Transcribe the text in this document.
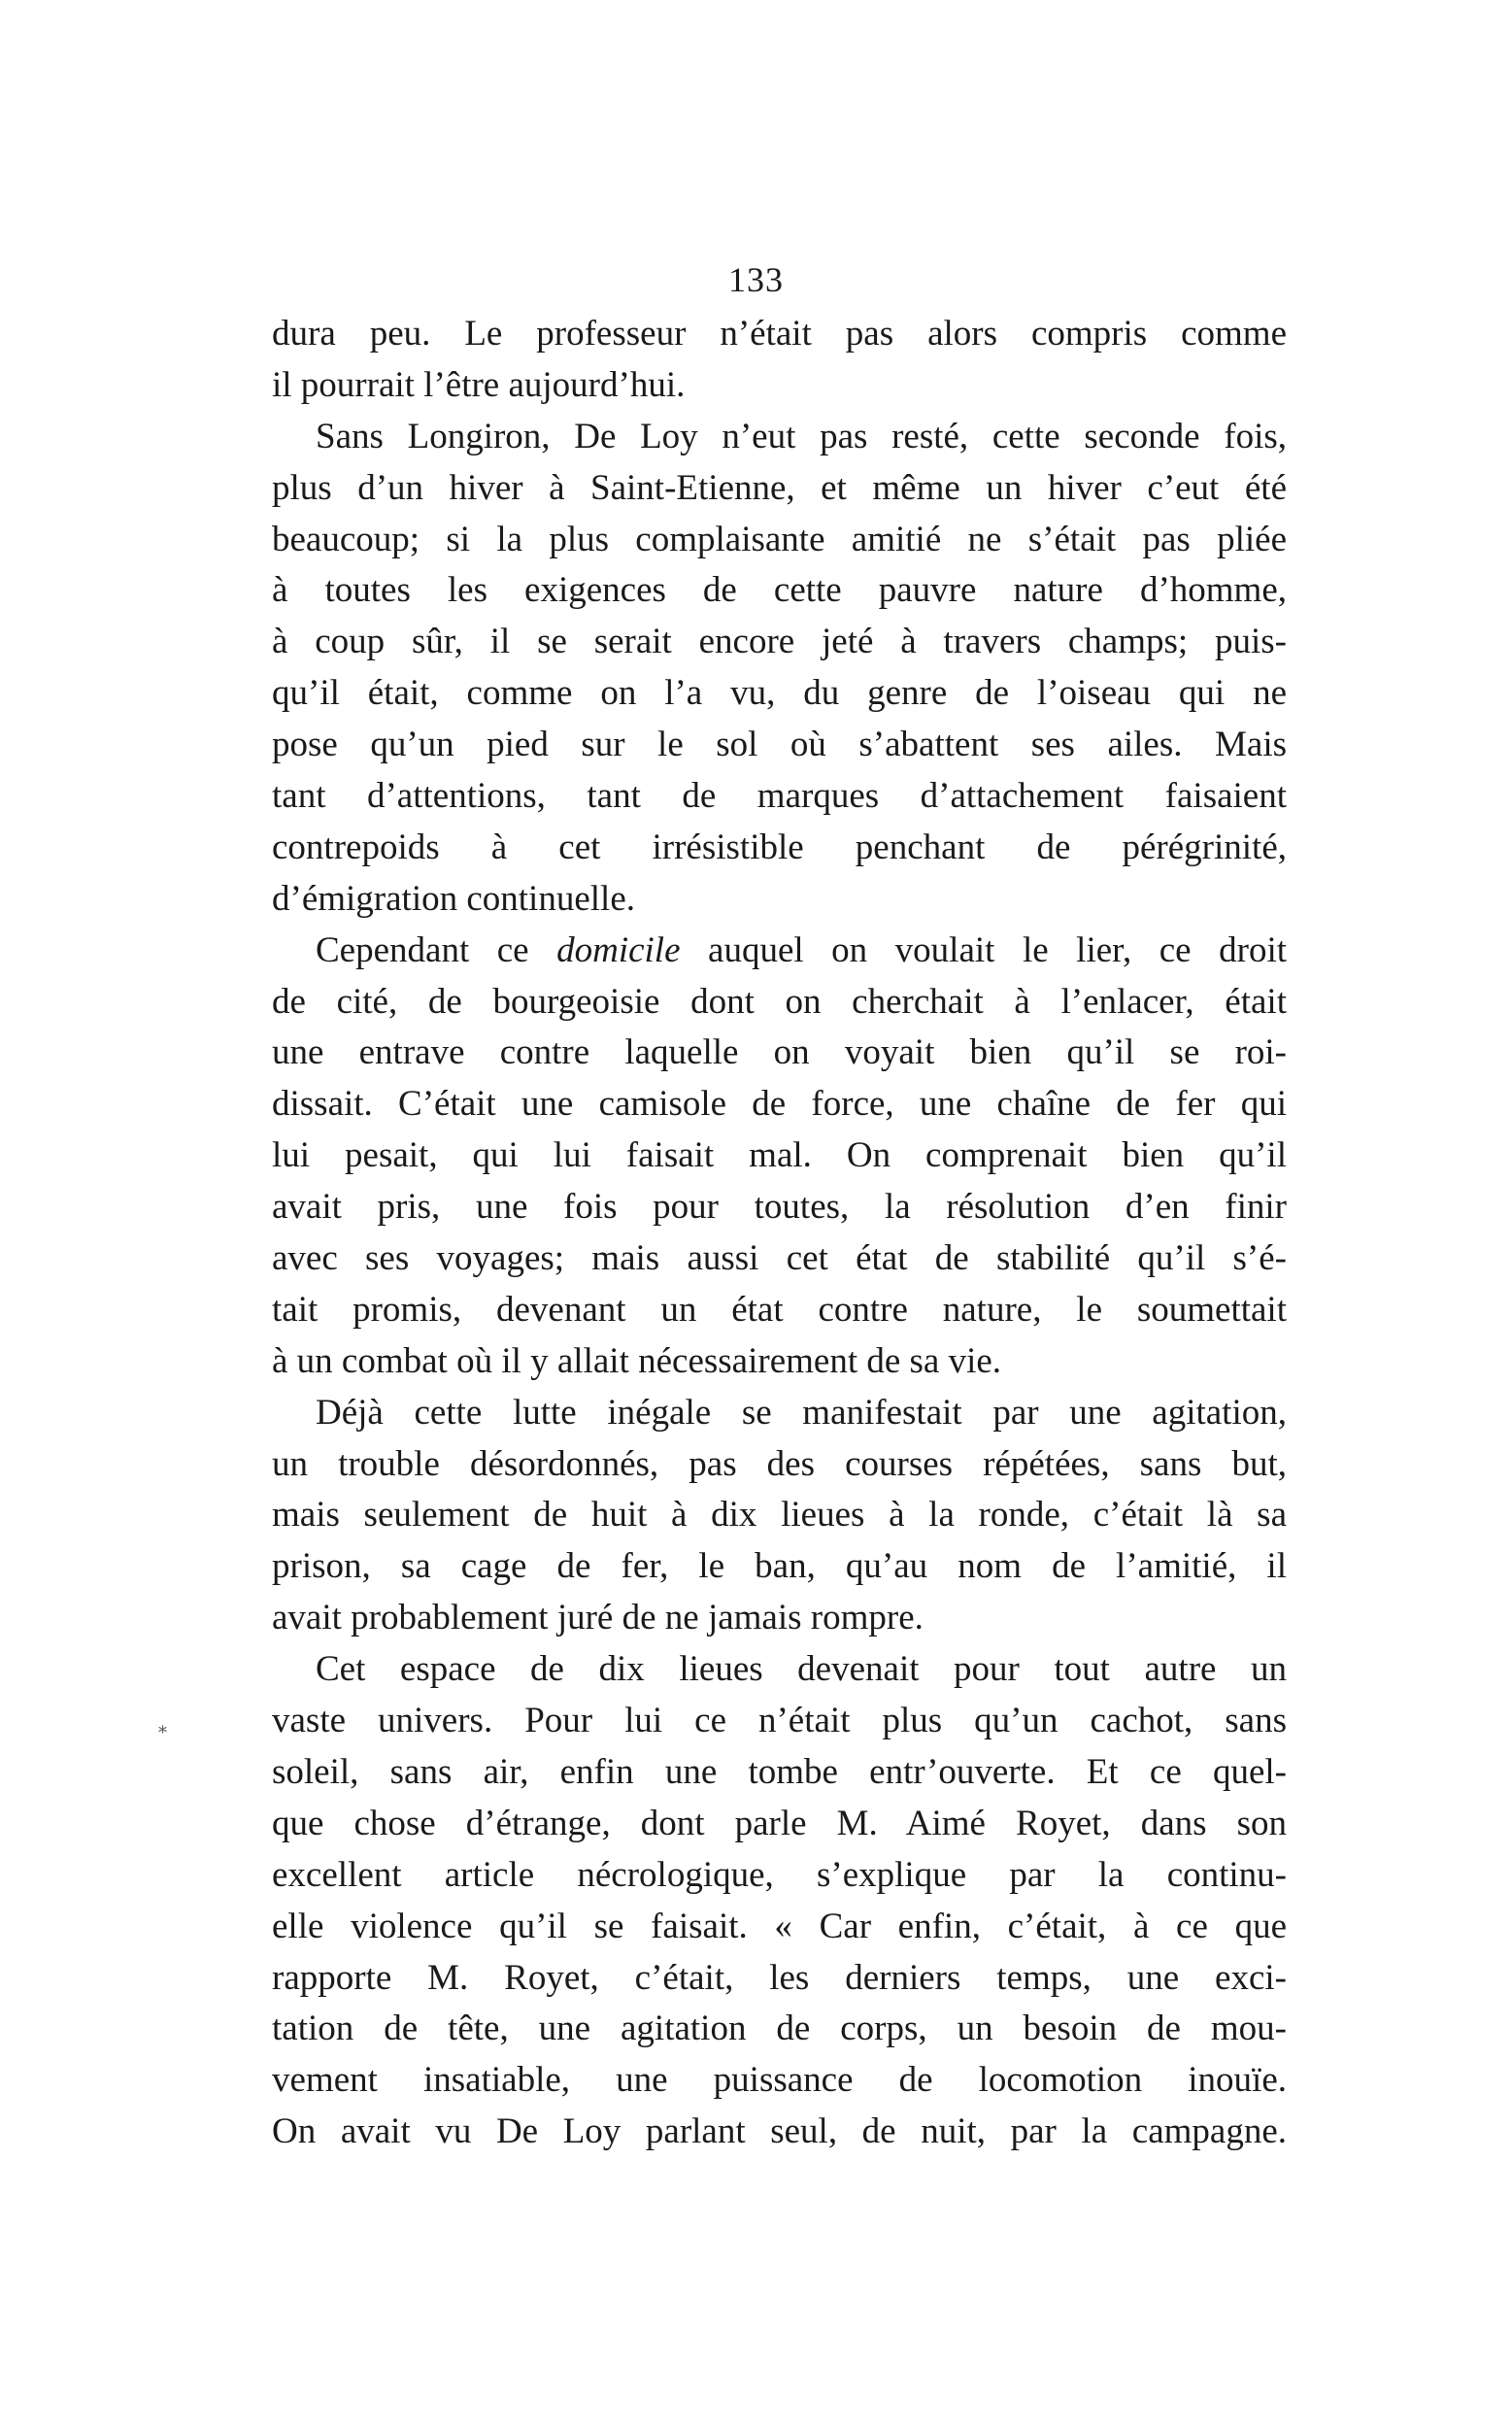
133
⁎
dura peu. Le professeur n’était pas alors compris comme
il pourrait l’être aujourd’hui.
Sans Longiron, De Loy n’eut pas resté, cette seconde fois,
plus d’un hiver à Saint-Etienne, et même un hiver c’eut été
beaucoup; si la plus complaisante amitié ne s’était pas pliée
à toutes les exigences de cette pauvre nature d’homme,
à coup sûr, il se serait encore jeté à travers champs; puis-
qu’il était, comme on l’a vu, du genre de l’oiseau qui ne
pose qu’un pied sur le sol où s’abattent ses ailes. Mais
tant d’attentions, tant de marques d’attachement faisaient
contrepoids à cet irrésistible penchant de pérégrinité,
d’émigration continuelle.
Cependant ce domicile auquel on voulait le lier, ce droit
de cité, de bourgeoisie dont on cherchait à l’enlacer, était
une entrave contre laquelle on voyait bien qu’il se roi-
dissait. C’était une camisole de force, une chaîne de fer qui
lui pesait, qui lui faisait mal. On comprenait bien qu’il
avait pris, une fois pour toutes, la résolution d’en finir
avec ses voyages; mais aussi cet état de stabilité qu’il s’é-
tait promis, devenant un état contre nature, le soumettait
à un combat où il y allait nécessairement de sa vie.
Déjà cette lutte inégale se manifestait par une agitation,
un trouble désordonnés, pas des courses répétées, sans but,
mais seulement de huit à dix lieues à la ronde, c’était là sa
prison, sa cage de fer, le ban, qu’au nom de l’amitié, il
avait probablement juré de ne jamais rompre.
Cet espace de dix lieues devenait pour tout autre un
vaste univers. Pour lui ce n’était plus qu’un cachot, sans
soleil, sans air, enfin une tombe entr’ouverte. Et ce quel-
que chose d’étrange, dont parle M. Aimé Royet, dans son
excellent article nécrologique, s’explique par la continu-
elle violence qu’il se faisait. « Car enfin, c’était, à ce que
rapporte M. Royet, c’était, les derniers temps, une exci-
tation de tête, une agitation de corps, un besoin de mou-
vement insatiable, une puissance de locomotion inouïe.
On avait vu De Loy parlant seul, de nuit, par la campagne.
